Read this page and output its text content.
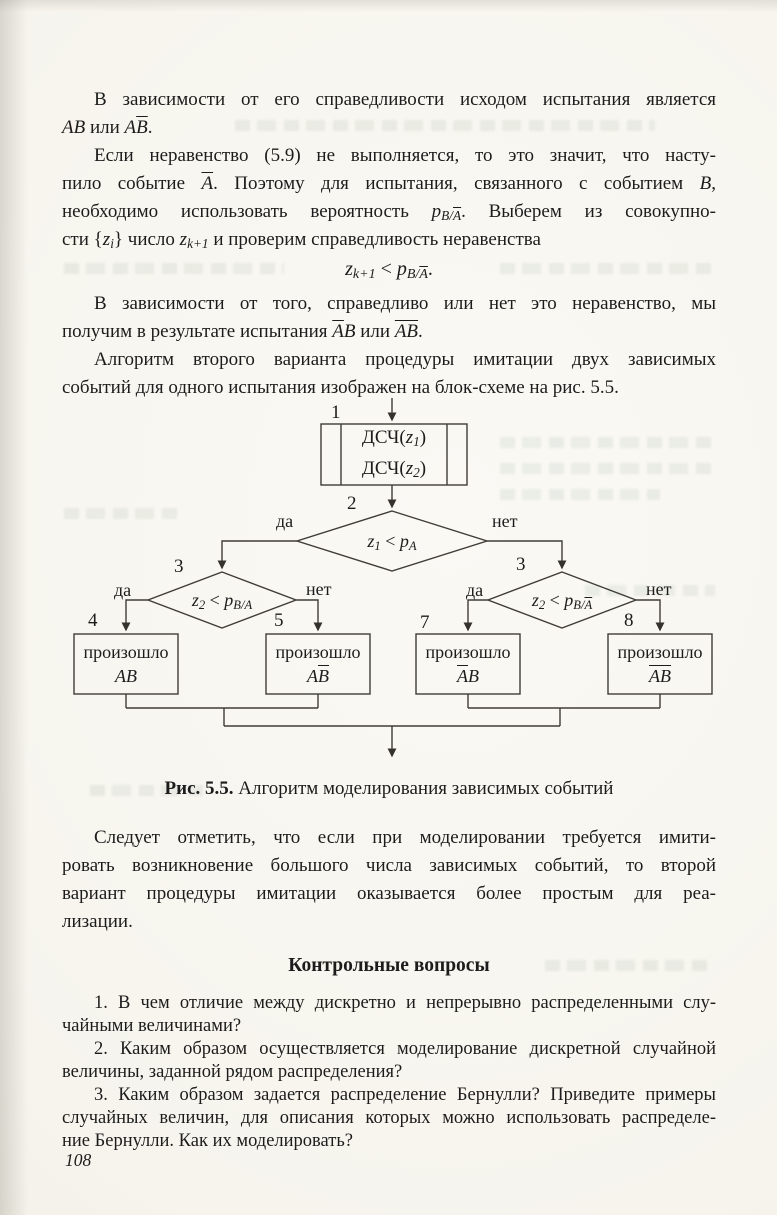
В зависимости от его справедливости исходом испытания является
AB или $A\overline{B}$.
Если неравенство (5.9) не выполняется, то это значит, что насту-
пило событие $\overline{A}$. Поэтому для испытания, связанного с событием B,
необходимо использовать вероятность $pB/\overline{A}$. Выберем из совокупно-
сти {zi} число zk+1 и проверим справедливость неравенства
$zk+1 < pB/\overline{A}$.
В зависимости от того, справедливо или нет это неравенство, мы
получим в результате испытания $\overline{A}B$ или $\overline{AB}$.
Алгоритм второго варианта процедуры имитации двух зависимых
событий для одного испытания изображен на блок-схеме на рис. 5.5.
1
2
3	3
4	5	7	8
да	нет
да	нет	да	нет
ДСЧ(z1)
ДСЧ(z2)
z1 < pA
z2 < pB/A	$z2 < pB/\overline{A}$
произошло
AB
произошло
$A\overline{B}$
произошло
$\overline{A}B$
произошло
$\overline{AB}$
Рис. 5.5. Алгоритм моделирования зависимых событий
Следует отметить, что если при моделировании требуется имити-
ровать возникновение большого числа зависимых событий, то второй
вариант процедуры имитации оказывается более простым для реа-
лизации.
Контрольные вопросы
1. В чем отличие между дискретно и непрерывно распределенными слу-
чайными величинами?
2. Каким образом осуществляется моделирование дискретной случайной
величины, заданной рядом распределения?
3. Каким образом задается распределение Бернулли? Приведите примеры
случайных величин, для описания которых можно использовать распределе-
ние Бернулли. Как их моделировать?
108
